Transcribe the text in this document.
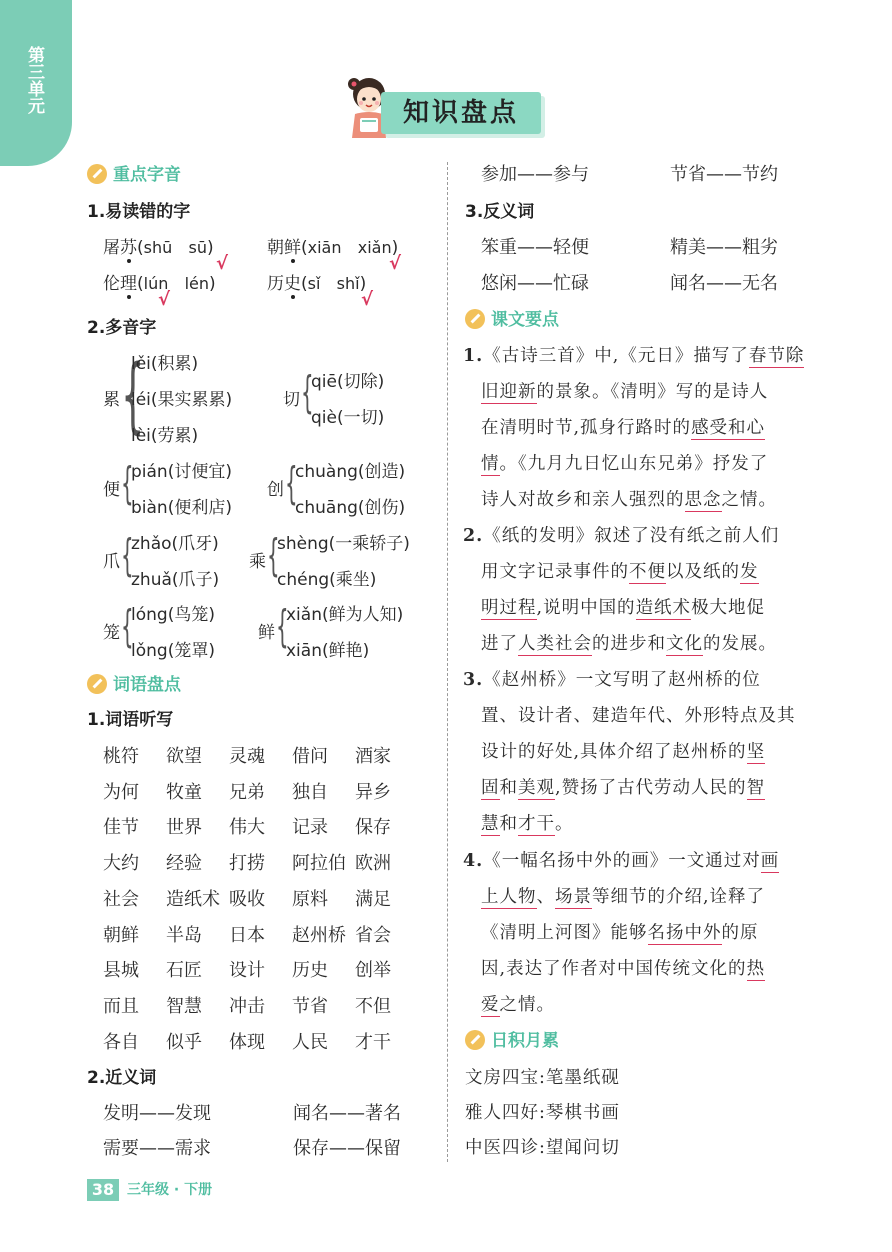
第三单元	知识盘点
重点字音
1.易读错的字
屠苏(shū sū)	朝鲜(xiān xiǎn)
√	√
伦理(lún lén)	历史(sǐ shǐ)
√	√
2.多音字
累 {
lěi(积累)
léi(果实累累)
lèi(劳累)
切 {
qiē(切除)
qiè(一切)
便 {
pián(讨便宜)
biàn(便利店)
创 {
chuàng(创造)
chuāng(创伤)
爪 {
zhǎo(爪牙)
zhuǎ(爪子)
乘 {
shèng(一乘轿子)
chéng(乘坐)
笼 {
lóng(鸟笼)
lǒng(笼罩)
鲜 {
xiǎn(鲜为人知)
xiān(鲜艳)
词语盘点
1.词语听写
桃符 欲望 灵魂 借问 酒家
为何 牧童 兄弟 独自 异乡
佳节 世界 伟大 记录 保存
大约 经验 打捞 阿拉伯 欧洲
社会 造纸术 吸收 原料 满足
朝鲜 半岛 日本 赵州桥 省会
县城 石匠 设计 历史 创举
而且 智慧 冲击 节省 不但
各自 似乎 体现 人民 才干
2.近义词
发明——发现	闻名——著名
需要——需求	保存——保留
参加——参与	节省——节约
3.反义词
笨重——轻便	精美——粗劣
悠闲——忙碌	闻名——无名
课文要点
1.《古诗三首》中,《元日》描写了春节除
旧迎新的景象。《清明》写的是诗人
在清明时节,孤身行路时的感受和心
情。《九月九日忆山东兄弟》抒发了
诗人对故乡和亲人强烈的思念之情。
2.《纸的发明》叙述了没有纸之前人们
用文字记录事件的不便以及纸的发
明过程,说明中国的造纸术极大地促
进了人类社会的进步和文化的发展。
3.《赵州桥》一文写明了赵州桥的位
置、设计者、建造年代、外形特点及其
设计的好处,具体介绍了赵州桥的坚
固和美观,赞扬了古代劳动人民的智
慧和才干。
4.《一幅名扬中外的画》一文通过对画
上人物、场景等细节的介绍,诠释了
《清明上河图》能够名扬中外的原
因,表达了作者对中国传统文化的热
爱之情。
日积月累
文房四宝:笔墨纸砚
雅人四好:琴棋书画
中医四诊:望闻问切
38 三年级 · 下册
